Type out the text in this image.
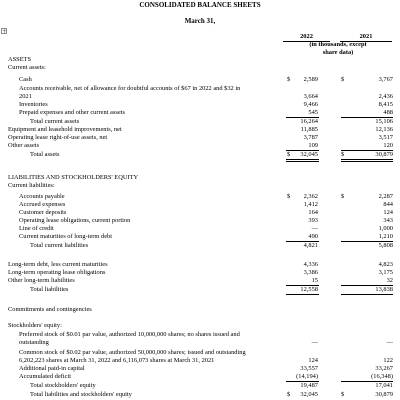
CONSOLIDATED BALANCE SHEETS
March 31,
+
2022	2021
(in thousands, except
share data)
ASSETS
Current assets:
Cash	$	2,589	$	3,767
Accounts receivable, net of allowance for doubtful accounts of $67 in 2022 and $32 in
2021	3,664	2,436
Inventories	9,466	8,415
Prepaid expenses and other current assets	545	488
Total current assets	16,264	15,106
Equipment and leasehold improvements, net	11,885	12,136
Operating lease right-of-use assets, net	3,787	3,517
Other assets	109	120
Total assets	$	32,045	$	30,879
LIABILITIES AND STOCKHOLDERS' EQUITY
Current liabilities:
Accounts payable	$	2,362	$	2,287
Accrued expenses	1,412	844
Customer deposits	164	124
Operating lease obligations, current portion	393	343
Line of credit	—	1,000
Current maturities of long-term debt	490	1,210
Total current liabilities	4,821	5,808
Long-term debt, less current maturities	4,336	4,823
Long-term operating lease obligations	3,386	3,175
Other long-term liabilities	15	32
Total liabilities	12,558	13,838
Commitments and contingencies
Stockholders' equity:
Preferred stock of $0.01 par value, authorized 10,000,000 shares; no shares issued and
outstanding	—	—
Common stock of $0.02 par value, authorized 50,000,000 shares; issued and outstanding
6,202,223 shares at March 31, 2022 and 6,116,073 shares at March 31, 2021	124	122
Additional paid-in capital	33,557	33,267
Accumulated deficit	(14,194)	(16,348)
Total stockholders' equity	19,487	17,041
Total liabilities and stockholders' equity	$	32,045	$	30,879
